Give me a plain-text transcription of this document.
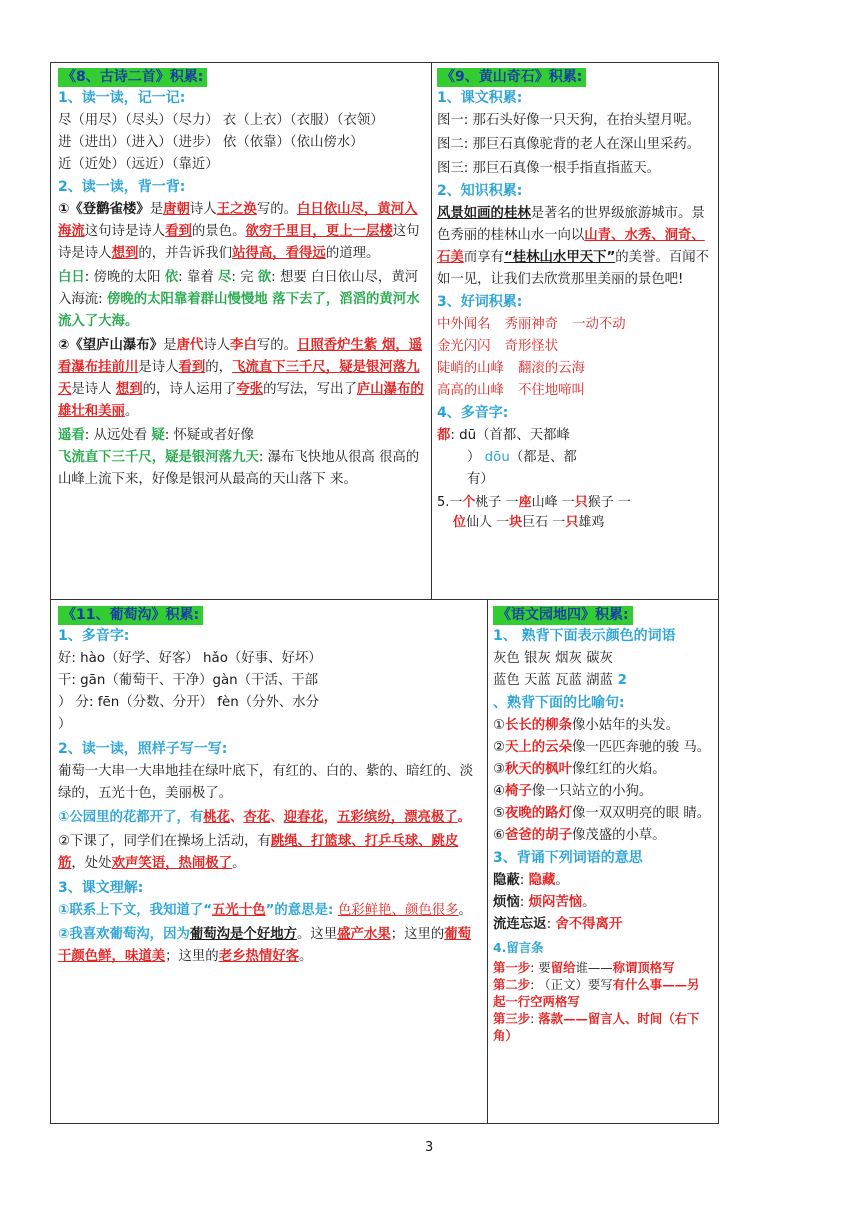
《8、古诗二首》积累:
1、读一读，记一记:

尽（用尽）（尽头）（尽力） 衣（上衣）（衣服）（衣领）

进（进出）（进入）（进步） 依（依靠）（依山傍水）

近（近处）（远近）（靠近）

2、读一读，背一背:

①《登鹳雀楼》是唐朝诗人王之涣写的。白日依山尽，黄河入海流这句诗是诗人看到的景色。欲穷千里目，更上一层楼这句诗是诗人想到的，并告诉我们站得高，看得远的道理。

白日: 傍晚的太阳 依: 靠着 尽: 完 欲: 想要 白日依山尽，黄河入海流: 傍晚的太阳靠着群山慢慢地 落下去了，滔滔的黄河水流入了大海。

②《望庐山瀑布》是唐代诗人李白写的。日照香炉生紫 烟，遥看瀑布挂前川是诗人看到的，飞流直下三千尺，疑是银河落九天是诗人 想到的，诗人运用了夸张的写法，写出了庐山瀑布的雄壮和美丽。

遥看: 从远处看 疑: 怀疑或者好像

飞流直下三千尺，疑是银河落九天: 瀑布飞快地从很高 很高的山峰上流下来，好像是银河从最高的天山落下 来。

《9、黄山奇石》积累:
1、课文积累:

图一: 那石头好像一只天狗，在抬头望月呢。

图二: 那巨石真像驼背的老人在深山里采药。

图三: 那巨石真像一根手指直指蓝天。

2、知识积累:

风景如画的桂林是著名的世界级旅游城市。景色秀丽的桂林山水一向以山青、水秀、洞奇、石美而享有“桂林山水甲天下”的美誉。百闻不如一见，让我们去欣赏那里美丽的景色吧!

3、好词积累:

中外闻名 秀丽神奇 一动不动

金光闪闪 奇形怪状

陡峭的山峰 翻滚的云海

高高的山峰 不住地啼叫

4、多音字:

都: dū（首都、天都峰

） dōu（都是、都

有）

5.一个桃子 一座山峰 一只猴子 一
位仙人 一块巨石 一只雄鸡

《11、葡萄沟》积累:
1、多音字:

好: hào（好学、好客） hǎo（好事、好坏）

干: gān（葡萄干、干净）gàn（干活、干部

） 分: fēn（分数、分开） fèn（分外、水分

）

2、读一读，照样子写一写:

葡萄一大串一大串地挂在绿叶底下，有红的、白的、紫的、暗红的、淡绿的，五光十色，美丽极了。

①公园里的花都开了，有桃花、杏花、迎春花，五彩缤纷，漂亮极了。

②下课了，同学们在操场上活动，有跳绳、打篮球、打乒乓球、跳皮筋，处处欢声笑语，热闹极了。

3、课文理解:

①联系上下文，我知道了“五光十色”的意思是: 色彩鲜艳、颜色很多。

②我喜欢葡萄沟，因为葡萄沟是个好地方。这里盛产水果；这里的葡萄干颜色鲜，味道美；这里的老乡热情好客。

《语文园地四》积累:
1、 熟背下面表示颜色的词语

灰色 银灰 烟灰 碳灰

蓝色 天蓝 瓦蓝 湖蓝 2

、熟背下面的比喻句:

①长长的柳条像小姑年的头发。

②天上的云朵像一匹匹奔驰的骏 马。

③秋天的枫叶像红红的火焰。

④椅子像一只站立的小狗。

⑤夜晚的路灯像一双双明亮的眼 睛。

⑥爸爸的胡子像茂盛的小草。

3、背诵下列词语的意思

隐蔽: 隐藏。

烦恼: 烦闷苦恼。

流连忘返: 舍不得离开

4.留言条

第一步: 要留给谁——称谓顶格写

第二步: （正文）要写有什么事——另 起一行空两格写

第三步: 落款——留言人、时间（右下 角）

3
